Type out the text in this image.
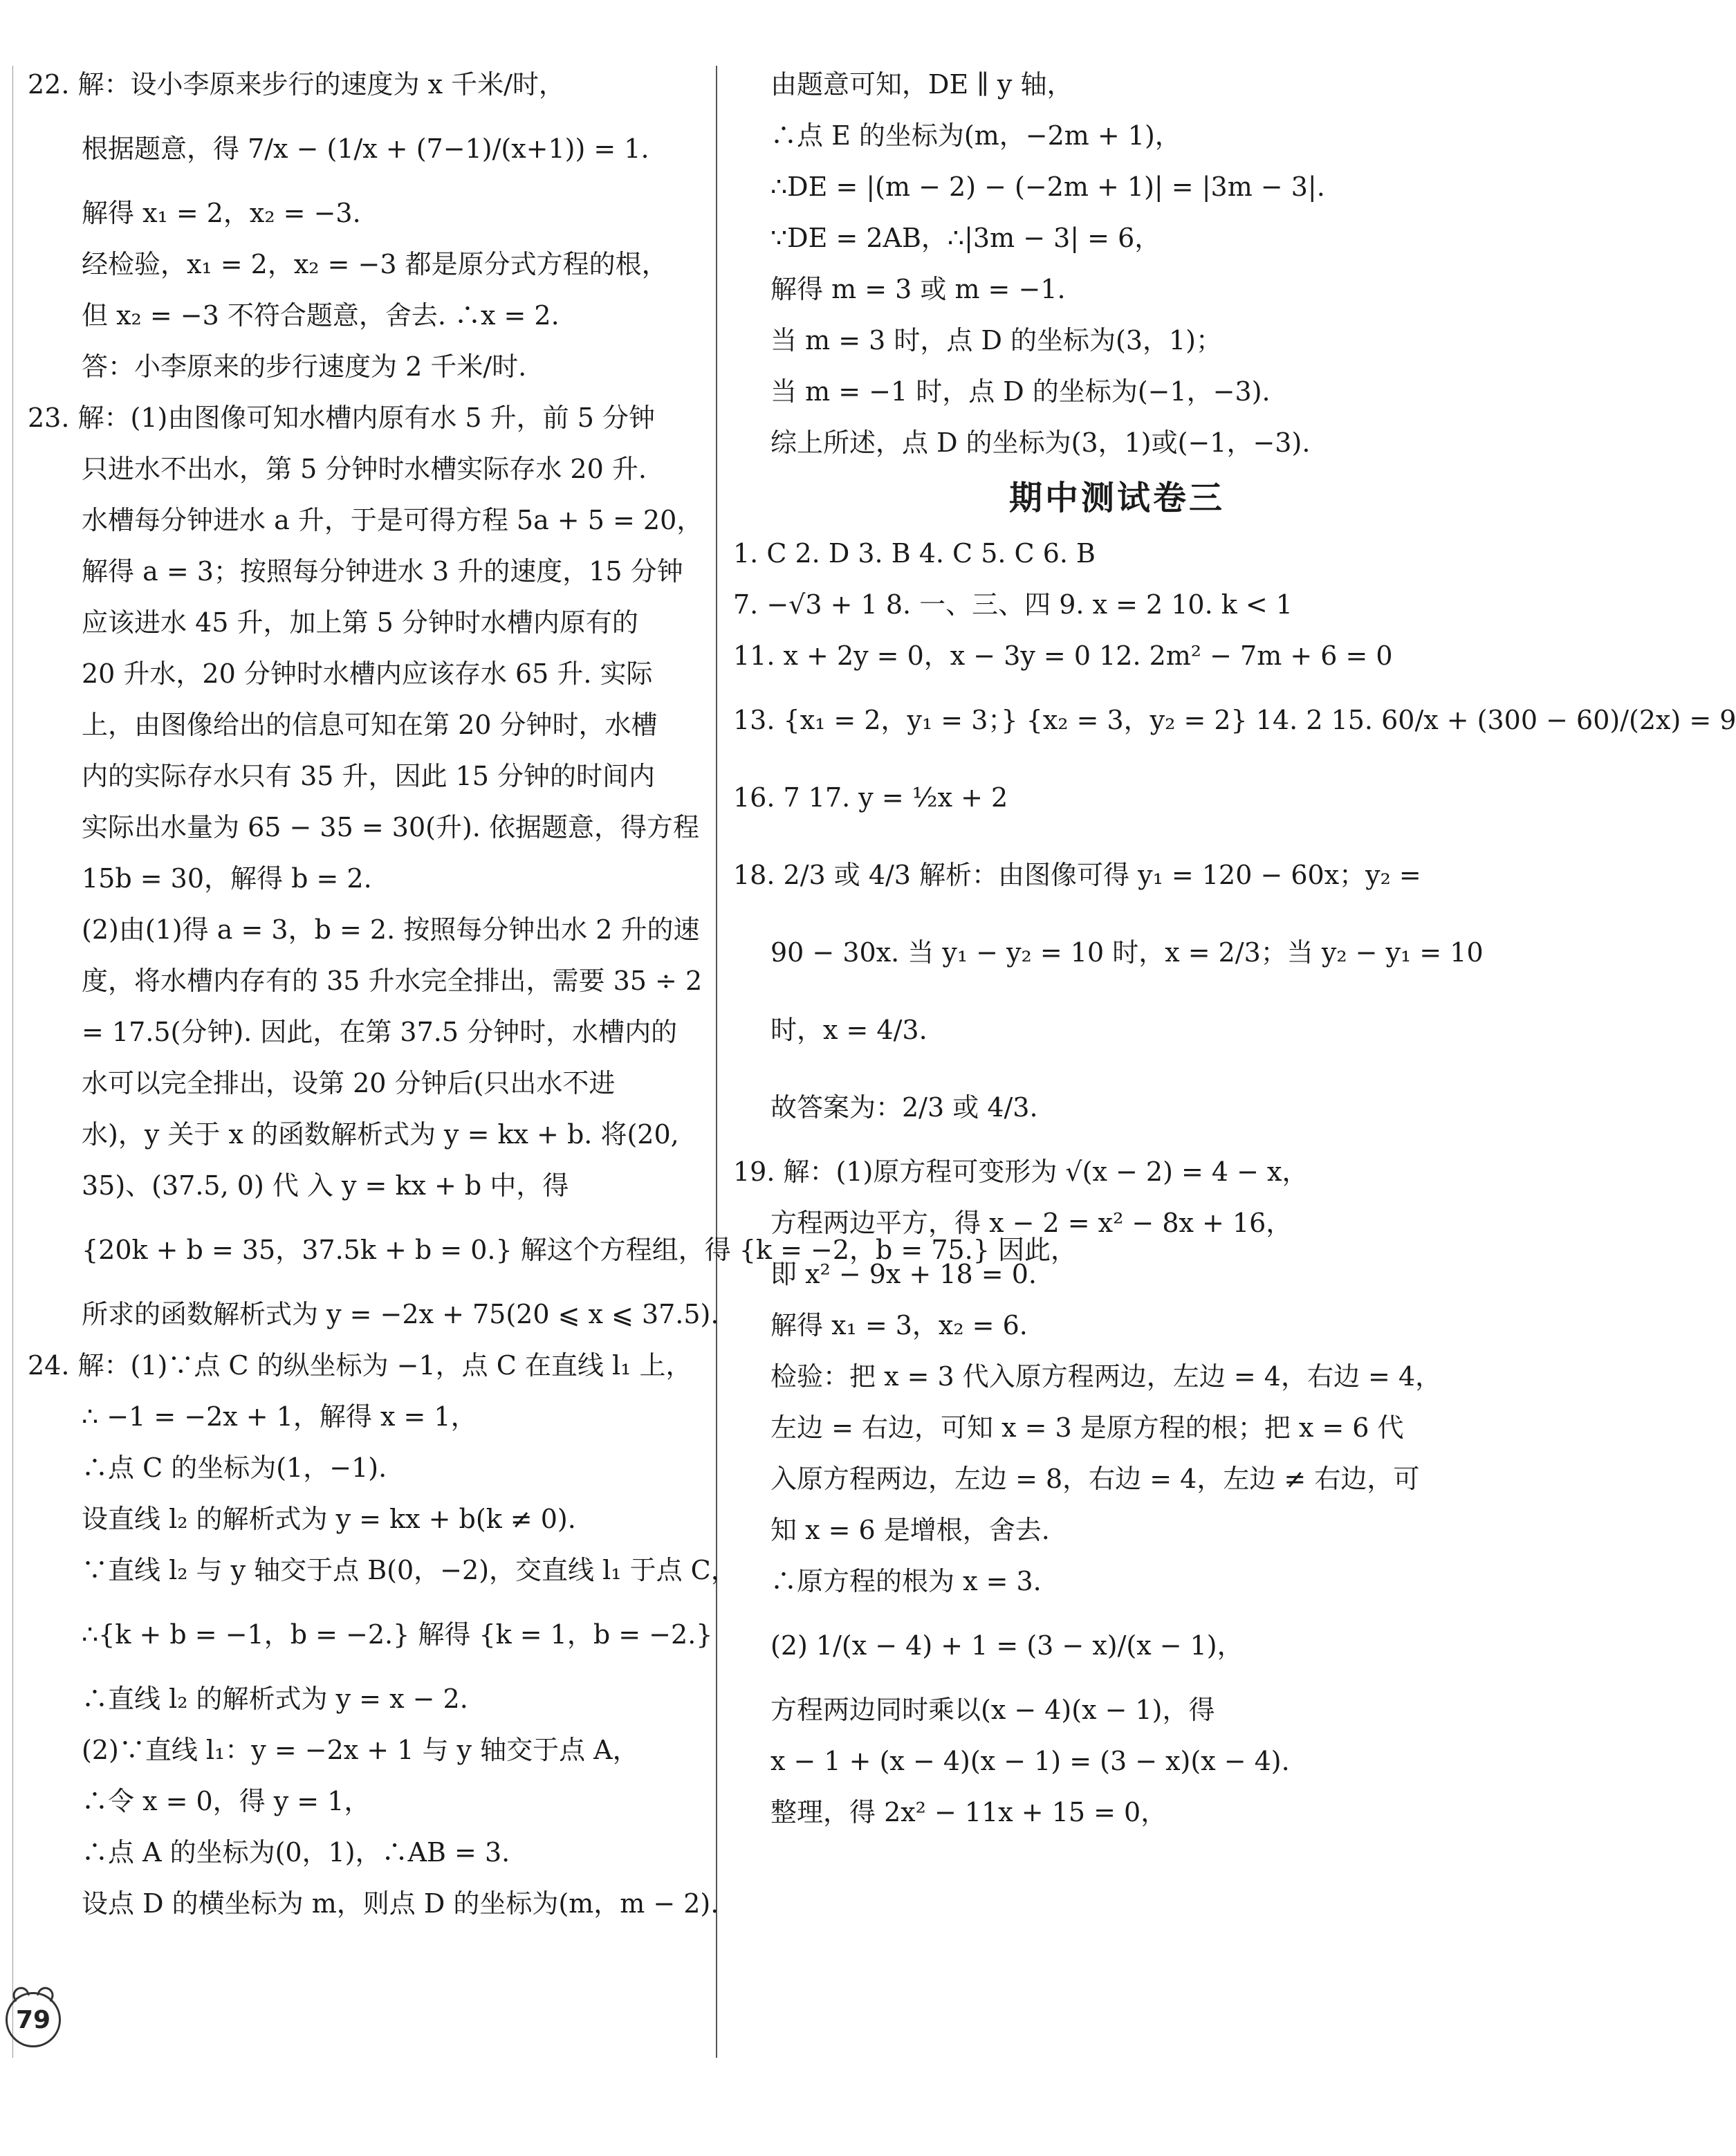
22. 解：设小李原来步行的速度为 x 千米/时，
根据题意，得 7/x − (1/x + (7−1)/(x+1)) = 1.
解得 x₁ = 2，x₂ = −3.
经检验，x₁ = 2，x₂ = −3 都是原分式方程的根，
但 x₂ = −3 不符合题意，舍去. ∴x = 2.
答：小李原来的步行速度为 2 千米/时.
23. 解：(1)由图像可知水槽内原有水 5 升，前 5 分钟
只进水不出水，第 5 分钟时水槽实际存水 20 升.
水槽每分钟进水 a 升，于是可得方程 5a + 5 = 20，
解得 a = 3；按照每分钟进水 3 升的速度，15 分钟
应该进水 45 升，加上第 5 分钟时水槽内原有的
20 升水，20 分钟时水槽内应该存水 65 升. 实际
上，由图像给出的信息可知在第 20 分钟时，水槽
内的实际存水只有 35 升，因此 15 分钟的时间内
实际出水量为 65 − 35 = 30(升). 依据题意，得方程
15b = 30，解得 b = 2.
(2)由(1)得 a = 3，b = 2. 按照每分钟出水 2 升的速
度，将水槽内存有的 35 升水完全排出，需要 35 ÷ 2
= 17.5(分钟). 因此，在第 37.5 分钟时，水槽内的
水可以完全排出，设第 20 分钟后(只出水不进
水)，y 关于 x 的函数解析式为 y = kx + b. 将(20,
35)、(37.5, 0) 代 入 y = kx + b 中，得
{20k + b = 35，37.5k + b = 0.} 解这个方程组，得 {k = −2，b = 75.} 因此，
所求的函数解析式为 y = −2x + 75(20 ⩽ x ⩽ 37.5).
24. 解：(1)∵点 C 的纵坐标为 −1，点 C 在直线 l₁ 上，
∴ −1 = −2x + 1，解得 x = 1，
∴点 C 的坐标为(1，−1).
设直线 l₂ 的解析式为 y = kx + b(k ≠ 0).
∵直线 l₂ 与 y 轴交于点 B(0，−2)，交直线 l₁ 于点 C，
∴{k + b = −1，b = −2.} 解得 {k = 1，b = −2.}
∴直线 l₂ 的解析式为 y = x − 2.
(2)∵直线 l₁：y = −2x + 1 与 y 轴交于点 A，
∴令 x = 0，得 y = 1，
∴点 A 的坐标为(0，1)，∴AB = 3.
设点 D 的横坐标为 m，则点 D 的坐标为(m，m − 2).
由题意可知，DE ∥ y 轴，
∴点 E 的坐标为(m，−2m + 1)，
∴DE = |(m − 2) − (−2m + 1)| = |3m − 3|.
∵DE = 2AB，∴|3m − 3| = 6，
解得 m = 3 或 m = −1.
当 m = 3 时，点 D 的坐标为(3，1)；
当 m = −1 时，点 D 的坐标为(−1，−3).
综上所述，点 D 的坐标为(3，1)或(−1，−3).
期中测试卷三
1. C 2. D 3. B 4. C 5. C 6. B
7. −√3 + 1 8. 一、三、四 9. x = 2 10. k < 1
11. x + 2y = 0，x − 3y = 0 12. 2m² − 7m + 6 = 0
13. {x₁ = 2，y₁ = 3；} {x₂ = 3，y₂ = 2} 14. 2 15. 60/x + (300 − 60)/(2x) = 9
16. 7 17. y = ½x + 2
18. 2/3 或 4/3 解析：由图像可得 y₁ = 120 − 60x；y₂ =
90 − 30x. 当 y₁ − y₂ = 10 时，x = 2/3；当 y₂ − y₁ = 10
时，x = 4/3.
故答案为：2/3 或 4/3.
19. 解：(1)原方程可变形为 √(x − 2) = 4 − x，
方程两边平方，得 x − 2 = x² − 8x + 16，
即 x² − 9x + 18 = 0.
解得 x₁ = 3，x₂ = 6.
检验：把 x = 3 代入原方程两边，左边 = 4，右边 = 4，
左边 = 右边，可知 x = 3 是原方程的根；把 x = 6 代
入原方程两边，左边 = 8，右边 = 4，左边 ≠ 右边，可
知 x = 6 是增根，舍去.
∴原方程的根为 x = 3.
(2) 1/(x − 4) + 1 = (3 − x)/(x − 1)，
方程两边同时乘以(x − 4)(x − 1)，得
x − 1 + (x − 4)(x − 1) = (3 − x)(x − 4).
整理，得 2x² − 11x + 15 = 0，
79
